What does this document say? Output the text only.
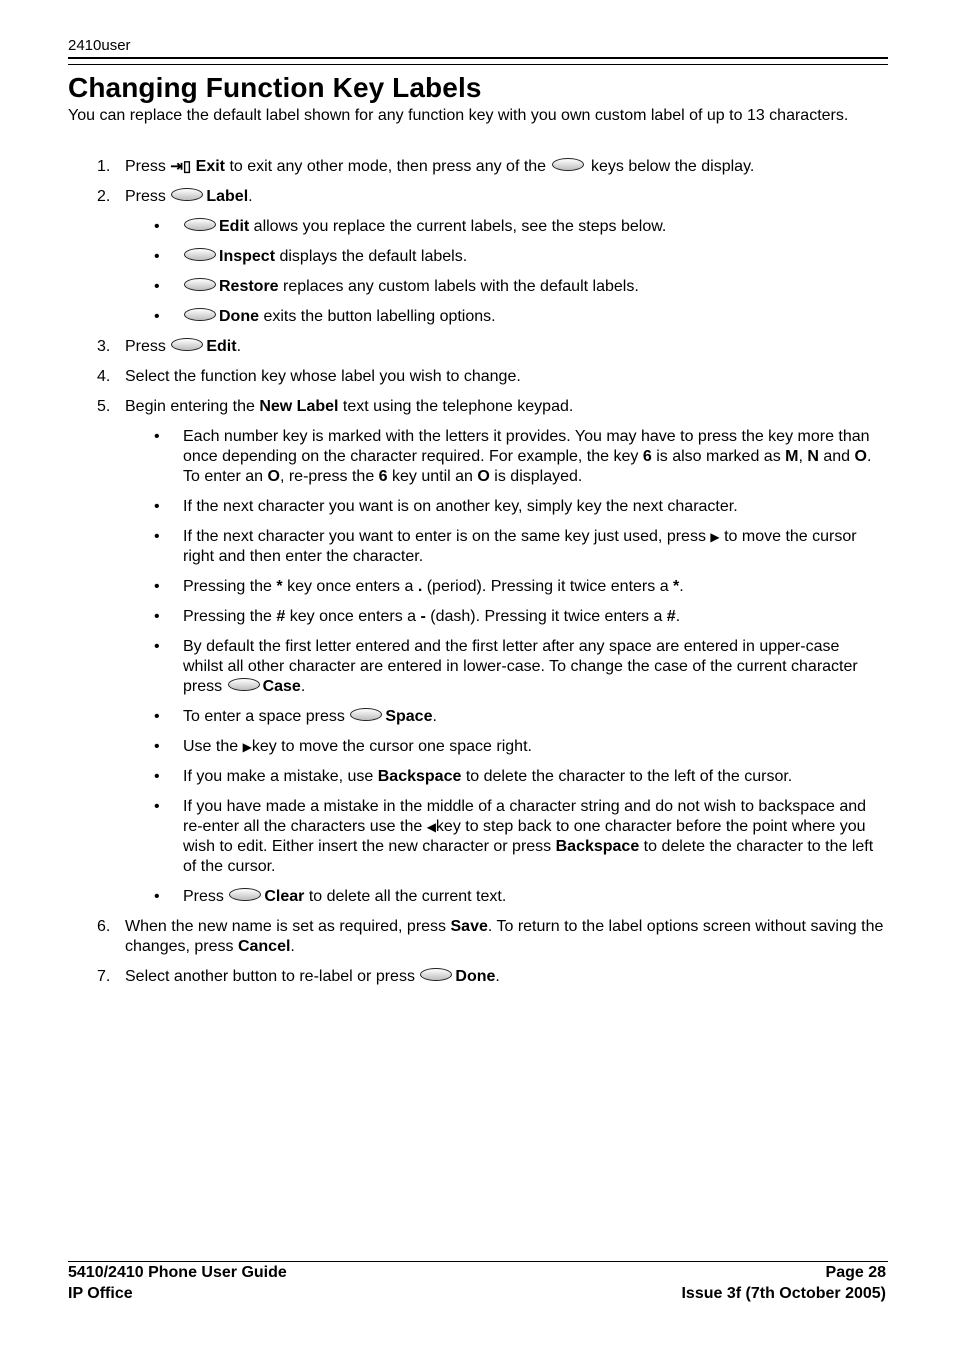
2410user
Changing Function Key Labels
You can replace the default label shown for any function key with you own custom label of up to 13 characters.
1. Press ⇥▯ Exit to exit any other mode, then press any of the	keys below the display.
2. Press	Label.
•	Edit allows you replace the current labels, see the steps below.
•	Inspect displays the default labels.
•	Restore replaces any custom labels with the default labels.
•	Done exits the button labelling options.
3. Press	Edit.
4. Select the function key whose label you wish to change.
5. Begin entering the New Label text using the telephone keypad.
• Each number key is marked with the letters it provides. You may have to press the key more than once depending on the character required. For example, the key 6 is also marked as M, N and O. To enter an O, re-press the 6 key until an O is displayed.
• If the next character you want is on another key, simply key the next character.
• If the next character you want to enter is on the same key just used, press ▶ to move the cursor right and then enter the character.
• Pressing the * key once enters a . (period). Pressing it twice enters a *.
• Pressing the # key once enters a - (dash). Pressing it twice enters a #.
• By default the first letter entered and the first letter after any space are entered in upper-case whilst all other character are entered in lower-case. To change the case of the current character press	Case.
• To enter a space press	Space.
• Use the ▶key to move the cursor one space right.
• If you make a mistake, use Backspace to delete the character to the left of the cursor.
• If you have made a mistake in the middle of a character string and do not wish to backspace and re-enter all the characters use the ◀key to step back to one character before the point where you wish to edit. Either insert the new character or press Backspace to delete the character to the left of the cursor.
• Press	Clear to delete all the current text.
6. When the new name is set as required, press Save. To return to the label options screen without saving the changes, press Cancel.
7. Select another button to re-label or press	Done.
5410/2410 Phone User Guide
IP Office
Page 28
Issue 3f (7th October 2005)
